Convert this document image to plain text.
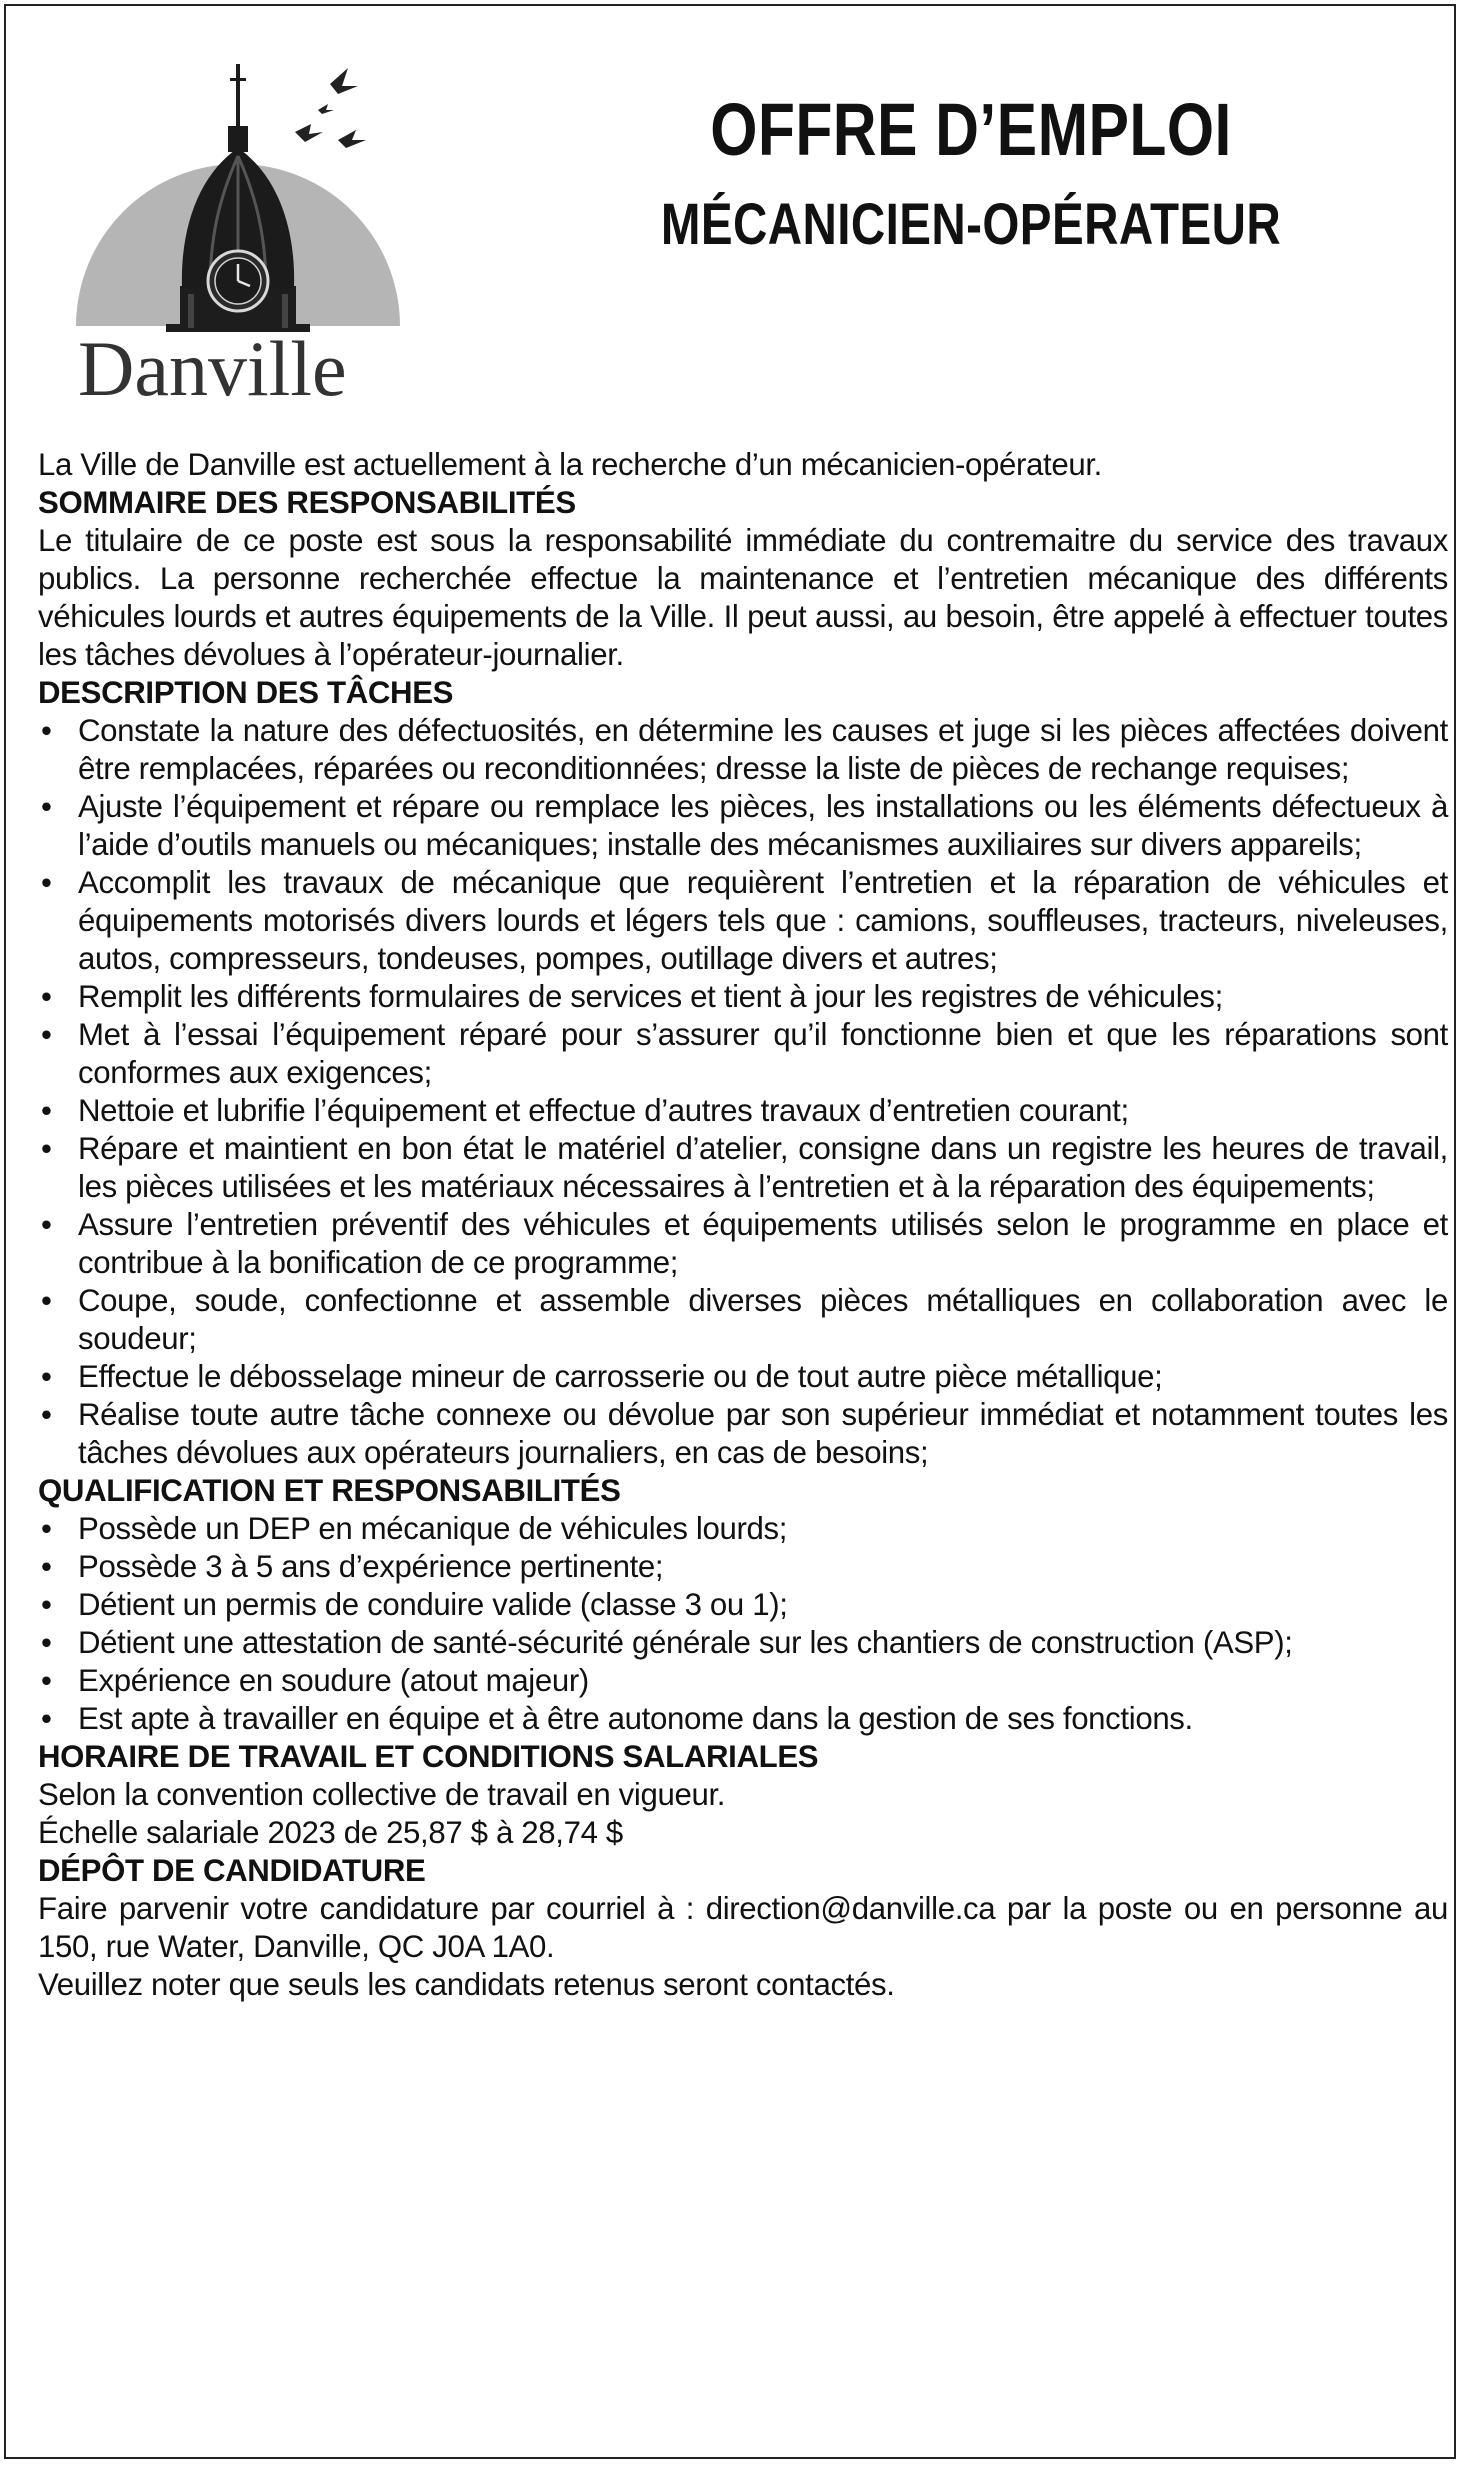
Danville
OFFRE D’EMPLOI
MÉCANICIEN-OPÉRATEUR

La Ville de Danville est actuellement à la recherche d’un mécanicien-opérateur.

SOMMAIRE DES RESPONSABILITÉS

Le titulaire de ce poste est sous la responsabilité immédiate du contremaitre du service des travaux publics. La personne recherchée effectue la maintenance et l’entretien mécanique des différents véhicules lourds et autres équipements de la Ville. Il peut aussi, au besoin, être appelé à effectuer toutes les tâches dévolues à l’opérateur-journalier.

DESCRIPTION DES TÂCHES

• Constate la nature des défectuosités, en détermine les causes et juge si les pièces affectées doivent être remplacées, réparées ou reconditionnées; dresse la liste de pièces de rechange requises;
• Ajuste l’équipement et répare ou remplace les pièces, les installations ou les éléments défectueux à l’aide d’outils manuels ou mécaniques; installe des mécanismes auxiliaires sur divers appareils;
• Accomplit les travaux de mécanique que requièrent l’entretien et la réparation de véhicules et équipements motorisés divers lourds et légers tels que : camions, souffleuses, tracteurs, niveleuses, autos, compresseurs, tondeuses, pompes, outillage divers et autres;
• Remplit les différents formulaires de services et tient à jour les registres de véhicules;
• Met à l’essai l’équipement réparé pour s’assurer qu’il fonctionne bien et que les réparations sont conformes aux exigences;
• Nettoie et lubrifie l’équipement et effectue d’autres travaux d’entretien courant;
• Répare et maintient en bon état le matériel d’atelier, consigne dans un registre les heures de travail, les pièces utilisées et les matériaux nécessaires à l’entretien et à la réparation des équipements;
• Assure l’entretien préventif des véhicules et équipements utilisés selon le programme en place et contribue à la bonification de ce programme;
• Coupe, soude, confectionne et assemble diverses pièces métalliques en collaboration avec le soudeur;
• Effectue le débosselage mineur de carrosserie ou de tout autre pièce métallique;
• Réalise toute autre tâche connexe ou dévolue par son supérieur immédiat et notamment toutes les tâches dévolues aux opérateurs journaliers, en cas de besoins;

QUALIFICATION ET RESPONSABILITÉS

• Possède un DEP en mécanique de véhicules lourds;
• Possède 3 à 5 ans d’expérience pertinente;
• Détient un permis de conduire valide (classe 3 ou 1);
• Détient une attestation de santé-sécurité générale sur les chantiers de construction (ASP);
• Expérience en soudure (atout majeur)
• Est apte à travailler en équipe et à être autonome dans la gestion de ses fonctions.

HORAIRE DE TRAVAIL ET CONDITIONS SALARIALES

Selon la convention collective de travail en vigueur.

Échelle salariale 2023 de 25,87 $ à 28,74 $

DÉPÔT DE CANDIDATURE

Faire parvenir votre candidature par courriel à : direction@danville.ca par la poste ou en personne au 150, rue Water, Danville, QC J0A 1A0.

Veuillez noter que seuls les candidats retenus seront contactés.
